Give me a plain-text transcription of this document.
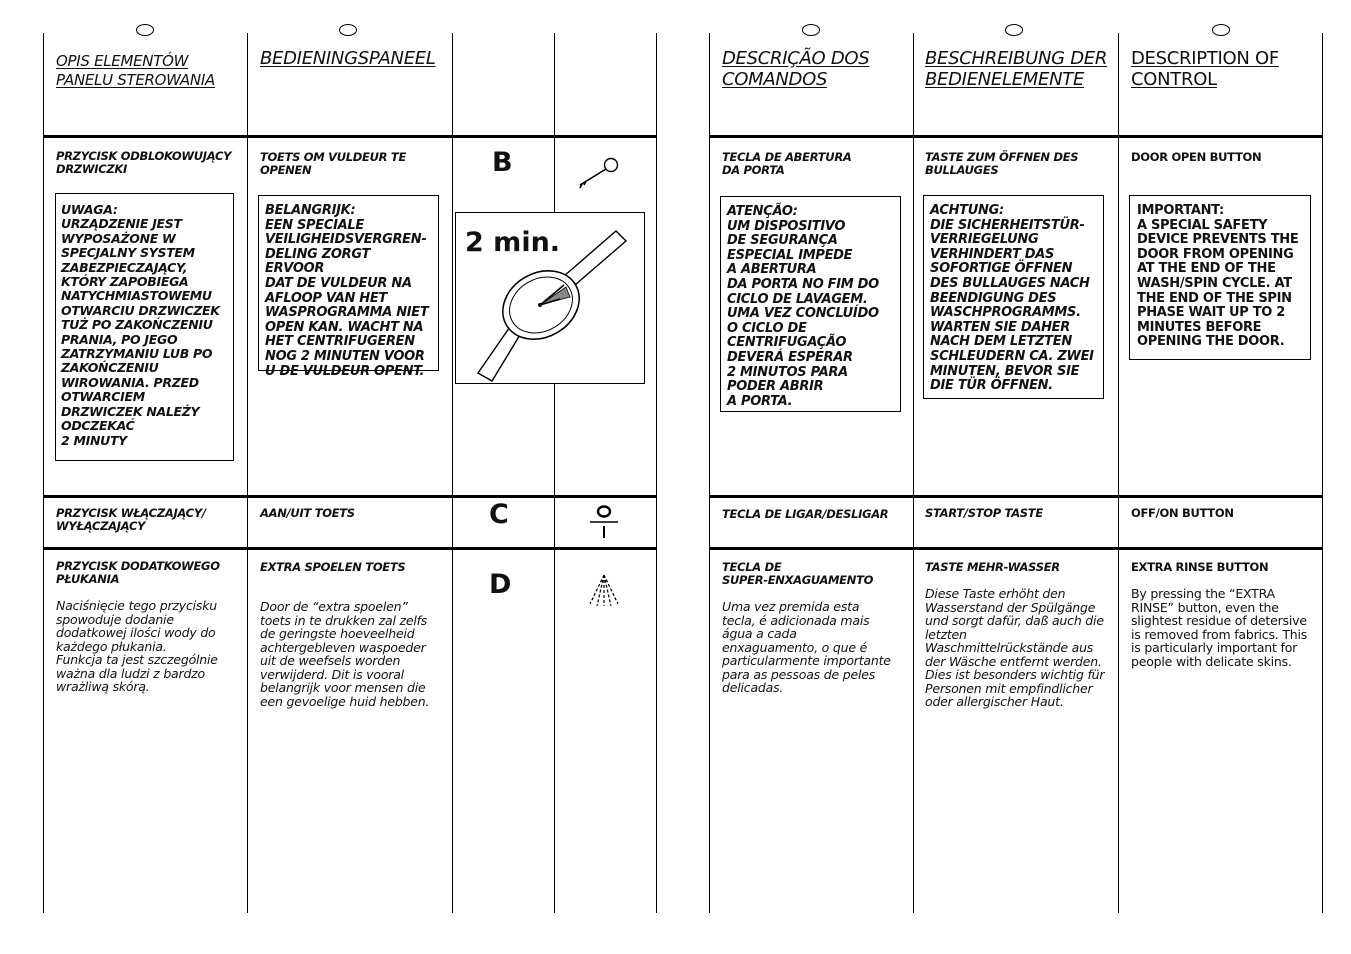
OPIS ELEMENTÓW
PANELU STEROWANIA
PRZYCISK ODBLOKOWUJĄCY
DRZWICZKI
UWAGA:
URZĄDZENIE JEST
WYPOSAŻONE W
SPECJALNY SYSTEM
ZABEZPIECZAJĄCY,
KTÓRY ZAPOBIEGA
NATYCHMIASTOWEMU
OTWARCIU DRZWICZEK
TUŻ PO ZAKOŃCZENIU
PRANIA, PO JEGO
ZATRZYMANIU LUB PO
ZAKOŃCZENIU
WIROWANIA. PRZED
OTWARCIEM
DRZWICZEK NALEŻY
ODCZEKAĆ
2 MINUTY
PRZYCISK WŁĄCZAJĄCY/
WYŁĄCZAJĄCY
PRZYCISK DODATKOWEGO
PŁUKANIA
Naciśnięcie tego przycisku
spowoduje dodanie
dodatkowej ilości wody do
każdego płukania.
Funkcja ta jest szczególnie
ważna dla ludzi z bardzo
wrażliwą skórą.
BEDIENINGSPANEEL
TOETS OM VULDEUR TE
OPENEN
BELANGRIJK:
EEN SPECIALE
VEILIGHEIDSVERGREN-
DELING ZORGT ERVOOR
DAT DE VULDEUR NA
AFLOOP VAN HET
WASPROGRAMMA NIET
OPEN KAN. WACHT NA
HET CENTRIFUGEREN
NOG 2 MINUTEN VOOR
U DE VULDEUR OPENT.
AAN/UIT TOETS
EXTRA SPOELEN TOETS
Door de “extra spoelen”
toets in te drukken zal zelfs
de geringste hoeveelheid
achtergebleven waspoeder
uit de weefsels worden
verwijderd. Dit is vooral
belangrijk voor mensen die
een gevoelige huid hebben.
B
C
D
2 min.
DESCRIÇÃO DOS
COMANDOS
TECLA DE ABERTURA
DA PORTA
ATENÇÃO:
UM DISPOSITIVO
DE SEGURANÇA
ESPECIAL IMPEDE
A ABERTURA
DA PORTA NO FIM DO
CICLO DE LAVAGEM.
UMA VEZ CONCLUÍDO
O CICLO DE
CENTRIFUGAÇÃO
DEVERÁ ESPERAR
2 MINUTOS PARA
PODER ABRIR
A PORTA.
TECLA DE LIGAR/DESLIGAR
TECLA DE
SUPER-ENXAGUAMENTO
Uma vez premida esta
tecla, é adicionada mais
água a cada
enxaguamento, o que é
particularmente importante
para as pessoas de peles
delicadas.
BESCHREIBUNG DER
BEDIENELEMENTE
TASTE ZUM ÖFFNEN DES
BULLAUGES
ACHTUNG:
DIE SICHERHEITSTÜR-
VERRIEGELUNG
VERHINDERT DAS
SOFORTIGE ÖFFNEN
DES BULLAUGES NACH
BEENDIGUNG DES
WASCHPROGRAMMS.
WARTEN SIE DAHER
NACH DEM LETZTEN
SCHLEUDERN CA. ZWEI
MINUTEN, BEVOR SIE
DIE TÜR ÖFFNEN.
START/STOP TASTE
TASTE MEHR-WASSER
Diese Taste erhöht den
Wasserstand der Spülgänge
und sorgt dafür, daß auch die
letzten
Waschmittelrückstände aus
der Wäsche entfernt werden.
Dies ist besonders wichtig für
Personen mit empfindlicher
oder allergischer Haut.
DESCRIPTION OF
CONTROL
DOOR OPEN BUTTON
IMPORTANT:
A SPECIAL SAFETY
DEVICE PREVENTS THE
DOOR FROM OPENING
AT THE END OF THE
WASH/SPIN CYCLE. AT
THE END OF THE SPIN
PHASE WAIT UP TO 2
MINUTES BEFORE
OPENING THE DOOR.
OFF/ON BUTTON
EXTRA RINSE BUTTON
By pressing the “EXTRA
RINSE” button, even the
slightest residue of detersive
is removed from fabrics. This
is particularly important for
people with delicate skins.
